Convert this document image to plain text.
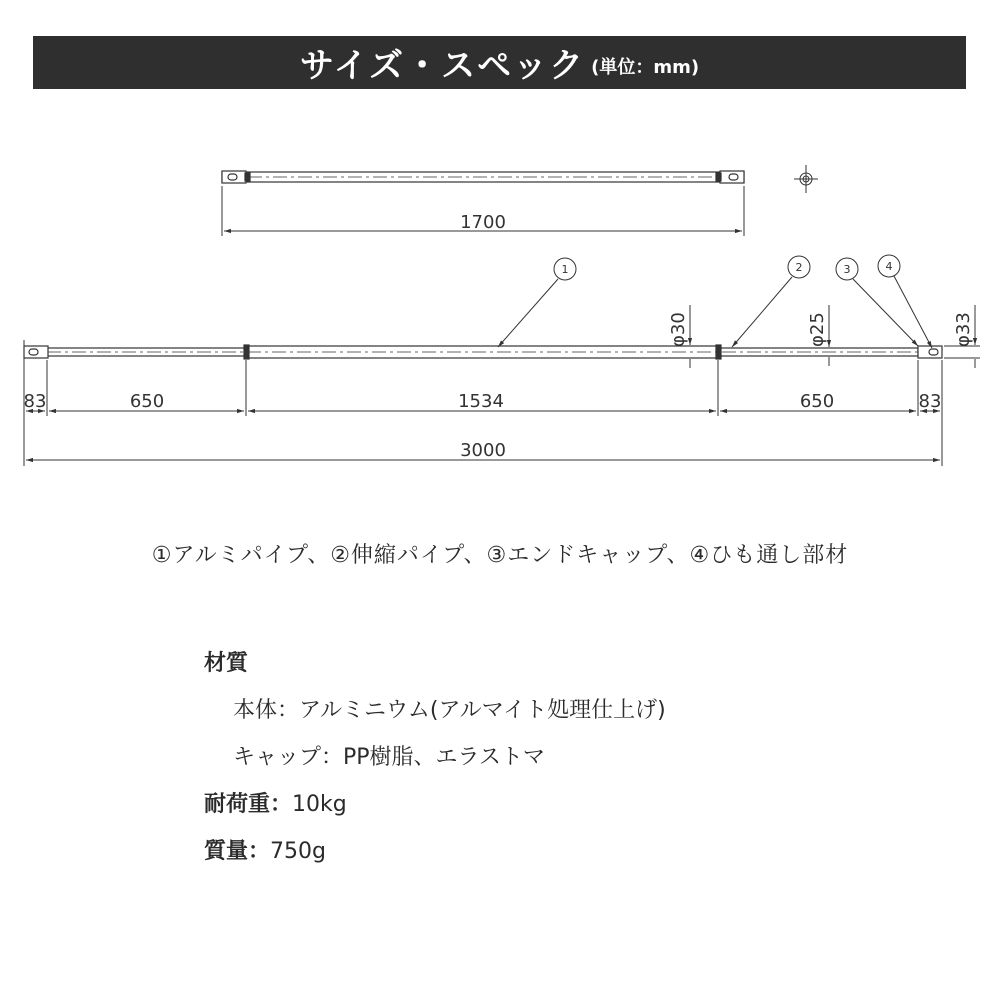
サイズ・スペック (単位：mm)
1700
1	2	3	4
φ30	φ25	φ33
83	650	1534	650	83
3000
①アルミパイプ、②伸縮パイプ、③エンドキャップ、④ひも通し部材
材質
本体：アルミニウム(アルマイト処理仕上げ)
キャップ：PP樹脂、エラストマ
耐荷重：10kg
質量：750g
